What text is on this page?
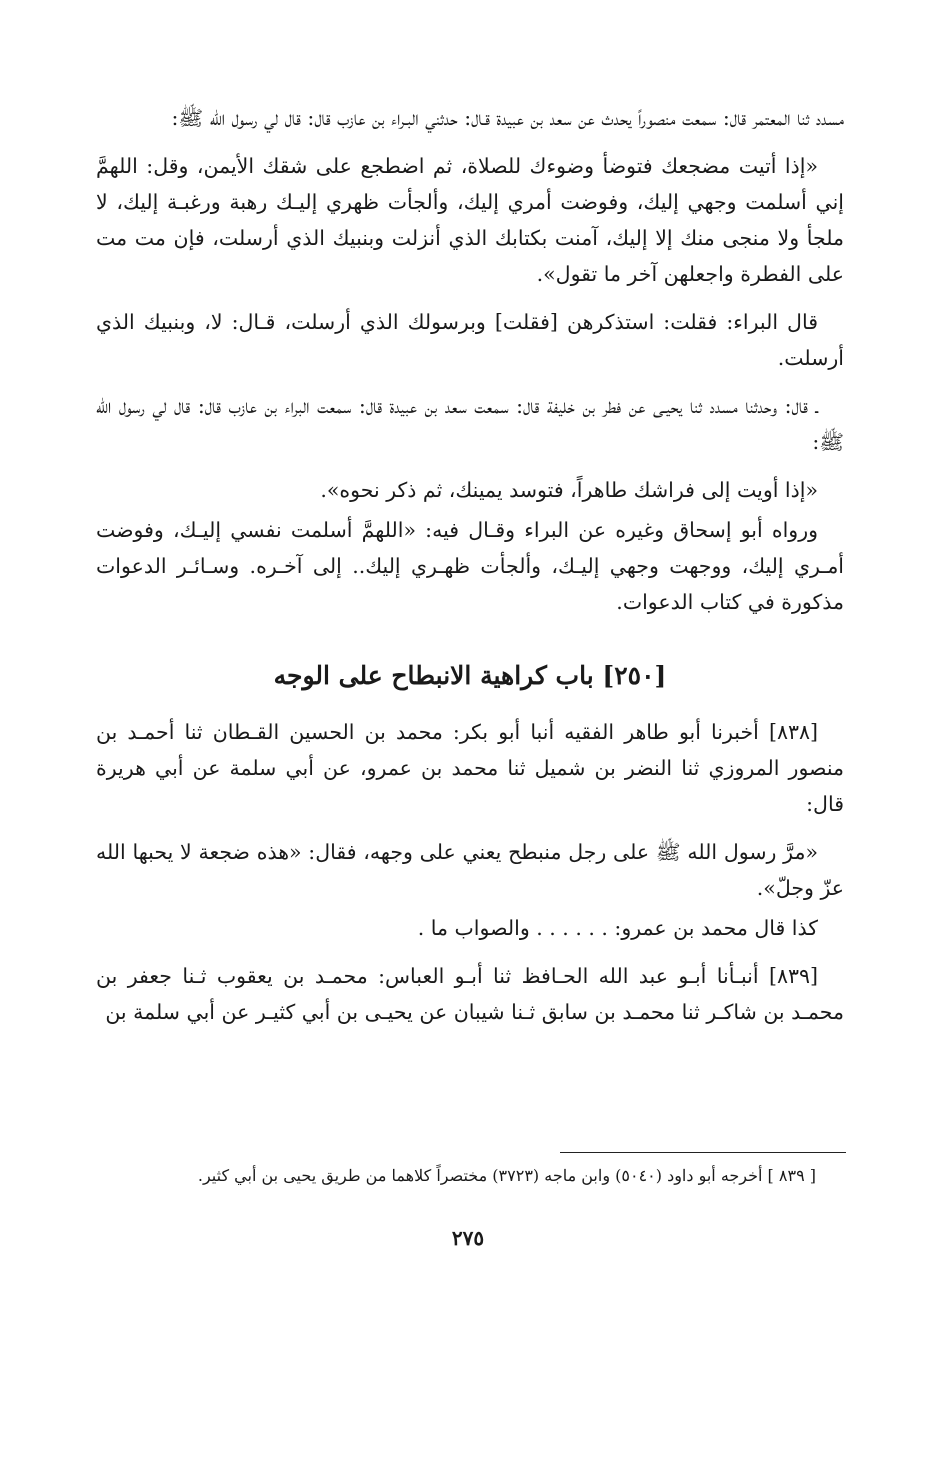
مسدد ثنا المعتمر قال: سمعت منصوراً يحدث عن سعد بن عبيدة قـال: حدثني البـراء بن عازب قال: قال لي رسول الله ﷺ:

«إذا أتيت مضجعك فتوضأ وضوءك للصلاة، ثم اضطجع على شقك الأيمن، وقل: اللهمَّ إني أسلمت وجهي إليك، وفوضت أمري إليك، وألجأت ظهري إليـك رهبة ورغبـة إليك، لا ملجأ ولا منجى منك إلا إليك، آمنت بكتابك الذي أنزلت وبنبيك الذي أرسلت، فإن مت مت على الفطرة واجعلهن آخر ما تقول».

قال البراء: فقلت: استذكرهن [فقلت] وبرسولك الذي أرسلت، قـال: لا، وبنبيك الذي أرسلت.

ـ قال: وحدثنا مسدد ثنا يحيـى عن فطر بن خليفة قال: سمعت سعد بن عبيدة قال: سمعت البراء بن عازب قال: قال لي رسول الله ﷺ:

«إذا أويت إلى فراشك طاهراً، فتوسد يمينك، ثم ذكر نحوه».

ورواه أبو إسحاق وغيره عن البراء وقـال فيه: «اللهمَّ أسلمت نفسي إليـك، وفوضت أمـري إليك، ووجهت وجهي إليـك، وألجأت ظهـري إليك.. إلى آخـره. وسـائـر الدعوات مذكورة في كتاب الدعوات.

[٢٥٠] باب كراهية الانبطاح على الوجه

[٨٣٨] أخبرنا أبو طاهر الفقيه أنبا أبو بكر: محمد بن الحسين القـطان ثنا أحمـد بن منصور المروزي ثنا النضر بن شميل ثنا محمد بن عمرو، عن أبي سلمة عن أبي هريرة قال:

«مرَّ رسول الله ﷺ على رجل منبطح يعني على وجهه، فقال: «هذه ضجعة لا يحبها الله عزّ وجلّ».

كذا قال محمد بن عمرو: . . . . . . والصواب ما .

[٨٣٩] أنبـأنا أبـو عبد الله الحـافظ ثنا أبـو العباس: محمـد بن يعقوب ثـنا جعفر بن محمـد بن شاكـر ثنا محمـد بن سابق ثـنا شيبان عن يحيـى بن أبي كثيـر عن أبي سلمة بن

[ ٨٣٩ ] أخرجه أبو داود (٥٠٤٠) وابن ماجه (٣٧٢٣) مختصراً كلاهما من طريق يحيى بن أبي كثير.
٢٧٥
